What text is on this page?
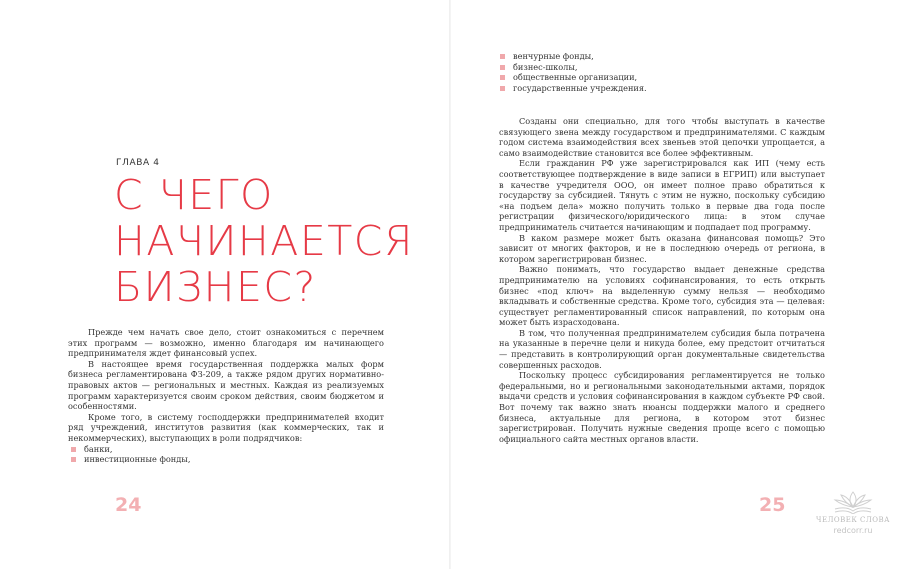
ГЛАВА 4
С ЧЕГО
НАЧИНАЕТСЯ
БИЗНЕС?

Прежде чем начать свое дело, стоит ознакомиться с перечнем этих программ — возможно, именно благодаря им начинающего предпринимателя ждет финансовый успех.

В настоящее время государственная поддержка малых форм бизнеса регламентирована ФЗ-209, а также рядом других нормативно-правовых актов — региональных и местных. Каждая из реализуемых программ характеризуется своим сроком действия, своим бюджетом и особенностями.

Кроме того, в систему господдержки предпринимателей входит ряд учреждений, институтов развития (как коммерческих, так и некоммерческих), выступающих в роли подрядчиков:

банки,
инвестиционные фонды,
24
венчурные фонды,
бизнес-школы,
общественные организации,
государственные учреждения.

Созданы они специально, для того чтобы выступать в качестве связующего звена между государством и предпринимателями. С каждым годом система взаимодействия всех звеньев этой цепочки упрощается, а само взаимодействие становится все более эффективным.

Если гражданин РФ уже зарегистрировался как ИП (чему есть соответствующее подтверждение в виде записи в ЕГРИП) или выступает в качестве учредителя ООО, он имеет полное право обратиться к государству за субсидией. Тянуть с этим не нужно, поскольку субсидию «на подъем дела» можно получить только в первые два года после регистрации физического/юридического лица: в этом случае предприниматель считается начинающим и подпадает под программу.

В каком размере может быть оказана финансовая помощь? Это зависит от многих факторов, и не в последнюю очередь от региона, в котором зарегистрирован бизнес.

Важно понимать, что государство выдает денежные средства предпринимателю на условиях софинансирования, то есть открыть бизнес «под ключ» на выделенную сумму нельзя — необходимо вкладывать и собственные средства. Кроме того, субсидия эта — целевая: существует регламентированный список направлений, по которым она может быть израсходована.

В том, что полученная предпринимателем субсидия была потрачена на указанные в перечне цели и никуда более, ему предстоит отчитаться — представить в контролирующий орган документальные свидетельства совершенных расходов.

Поскольку процесс субсидирования регламентируется не только федеральными, но и региональными законодательными актами, порядок выдачи средств и условия софинансирования в каждом субъекте РФ свой. Вот почему так важно знать нюансы поддержки малого и среднего бизнеса, актуальные для региона, в котором этот бизнес зарегистрирован. Получить нужные сведения проще всего с помощью официального сайта местных органов власти.

25
ЧЕЛОВЕК СЛОВА
redcorr.ru
